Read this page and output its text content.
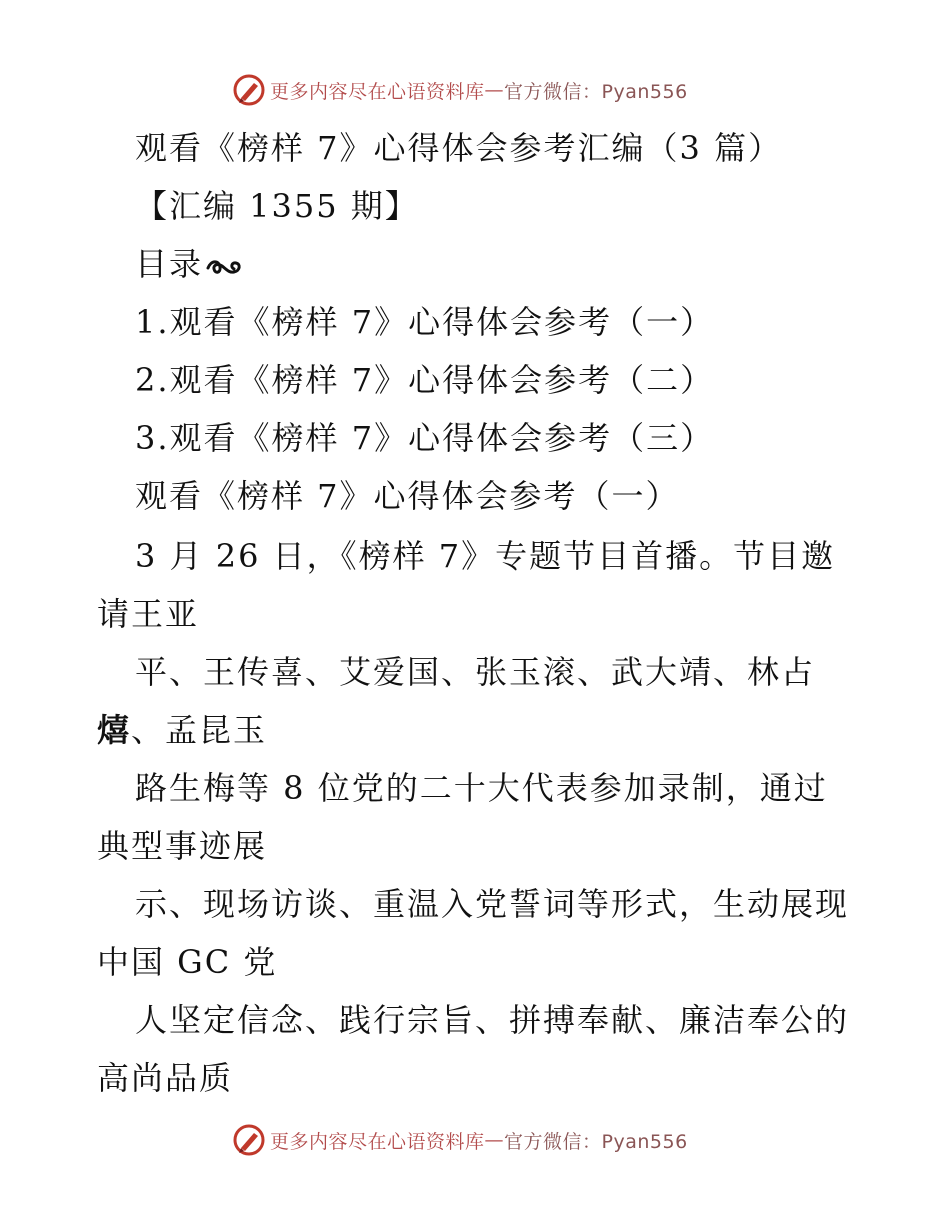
更多内容尽在心语资料库 — 官方微信：Pyan556
观看《榜样 7》心得体会参考汇编（3 篇）
【汇编 1355 期】
目录
1.观看《榜样 7》心得体会参考（一）
2.观看《榜样 7》心得体会参考（二）
3.观看《榜样 7》心得体会参考（三）
观看《榜样 7》心得体会参考（一）
3 月 26 日，《榜样 7》专题节目首播。节目邀
请王亚
平、王传喜、艾爱国、张玉滚、武大靖、林占
熺、孟昆玉
路生梅等 8 位党的二十大代表参加录制，通过
典型事迹展
示、现场访谈、重温入党誓词等形式，生动展现
中国 GC 党
人坚定信念、践行宗旨、拼搏奉献、廉洁奉公的
高尚品质
更多内容尽在心语资料库 — 官方微信：Pyan556
